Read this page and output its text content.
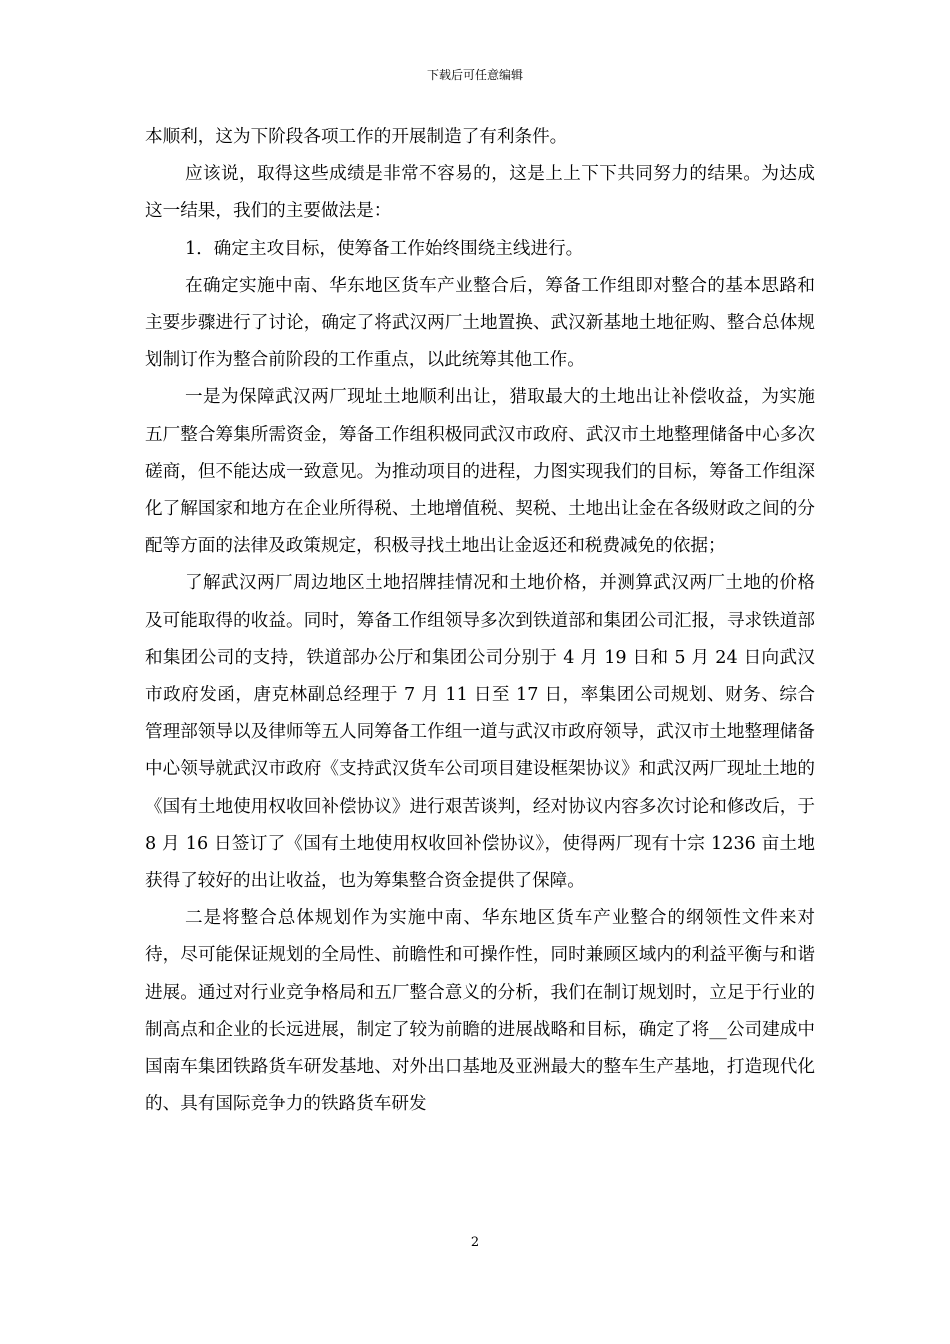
下载后可任意编辑

本顺利，这为下阶段各项工作的开展制造了有利条件。

应该说，取得这些成绩是非常不容易的，这是上上下下共同努力的结果。为达成这一结果，我们的主要做法是：

1．确定主攻目标，使筹备工作始终围绕主线进行。

在确定实施中南、华东地区货车产业整合后，筹备工作组即对整合的基本思路和主要步骤进行了讨论，确定了将武汉两厂土地置换、武汉新基地土地征购、整合总体规划制订作为整合前阶段的工作重点，以此统筹其他工作。

一是为保障武汉两厂现址土地顺利出让，猎取最大的土地出让补偿收益，为实施五厂整合筹集所需资金，筹备工作组积极同武汉市政府、武汉市土地整理储备中心多次磋商，但不能达成一致意见。为推动项目的进程，力图实现我们的目标，筹备工作组深化了解国家和地方在企业所得税、土地增值税、契税、土地出让金在各级财政之间的分配等方面的法律及政策规定，积极寻找土地出让金返还和税费减免的依据；

了解武汉两厂周边地区土地招牌挂情况和土地价格，并测算武汉两厂土地的价格及可能取得的收益。同时，筹备工作组领导多次到铁道部和集团公司汇报，寻求铁道部和集团公司的支持，铁道部办公厅和集团公司分别于 4 月 19 日和 5 月 24 日向武汉市政府发函，唐克林副总经理于 7 月 11 日至 17 日，率集团公司规划、财务、综合管理部领导以及律师等五人同筹备工作组一道与武汉市政府领导，武汉市土地整理储备中心领导就武汉市政府《支持武汉货车公司项目建设框架协议》和武汉两厂现址土地的《国有土地使用权收回补偿协议》进行艰苦谈判，经对协议内容多次讨论和修改后，于 8 月 16 日签订了《国有土地使用权收回补偿协议》，使得两厂现有十宗 1236 亩土地获得了较好的出让收益，也为筹集整合资金提供了保障。

二是将整合总体规划作为实施中南、华东地区货车产业整合的纲领性文件来对待，尽可能保证规划的全局性、前瞻性和可操作性，同时兼顾区域内的利益平衡与和谐进展。通过对行业竞争格局和五厂整合意义的分析，我们在制订规划时，立足于行业的制高点和企业的长远进展，制定了较为前瞻的进展战略和目标，确定了将__公司建成中国南车集团铁路货车研发基地、对外出口基地及亚洲最大的整车生产基地，打造现代化的、具有国际竞争力的铁路货车研发

2
